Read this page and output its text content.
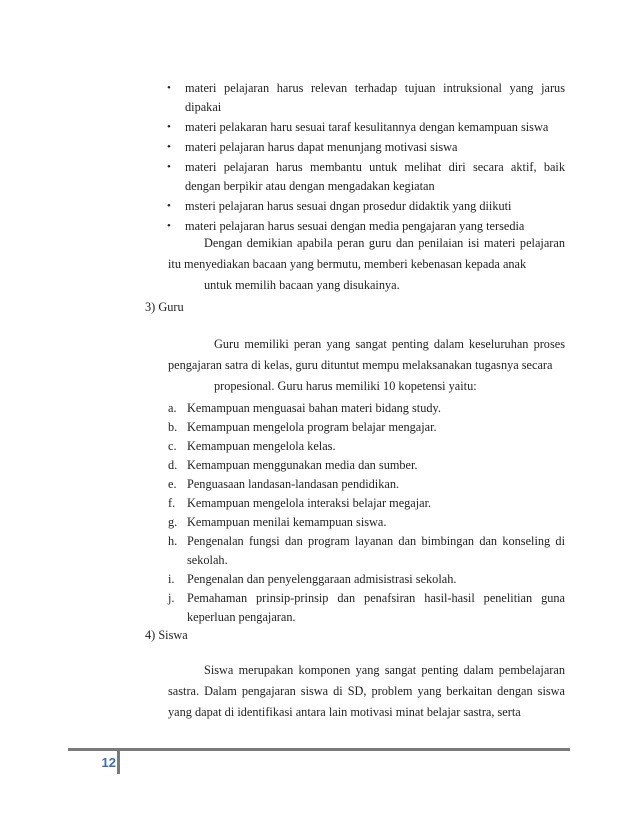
• materi pelajaran harus relevan terhadap tujuan intruksional yang jarus dipakai
• materi pelakaran haru sesuai taraf kesulitannya dengan kemampuan siswa
• materi pelajaran harus dapat menunjang motivasi siswa
• materi pelajaran harus membantu untuk melihat diri secara aktif, baik dengan berpikir atau dengan mengadakan kegiatan
• msteri pelajaran harus sesuai dngan prosedur didaktik yang diikuti
• materi pelajaran harus sesuai dengan media pengajaran yang tersedia

Dengan demikian apabila peran guru dan penilaian isi materi pelajaran itu menyediakan bacaan yang bermutu, memberi kebenasan kepada anak
untuk memilih bacaan yang disukainya.

3) Guru

Guru memiliki peran yang sangat penting dalam keseluruhan proses pengajaran satra di kelas, guru dituntut mempu melaksanakan tugasnya secara
propesional. Guru harus memiliki 10 kopetensi yaitu:

a. Kemampuan menguasai bahan materi bidang study.
b. Kemampuan mengelola program belajar mengajar.
c. Kemampuan mengelola kelas.
d. Kemampuan menggunakan media dan sumber.
e. Penguasaan landasan-landasan pendidikan.
f. Kemampuan mengelola interaksi belajar megajar.
g. Kemampuan menilai kemampuan siswa.
h. Pengenalan fungsi dan program layanan dan bimbingan dan konseling di sekolah.
i. Pengenalan dan penyelenggaraan admisistrasi sekolah.
j. Pemahaman prinsip-prinsip dan penafsiran hasil-hasil penelitian guna keperluan pengajaran.

4) Siswa

Siswa merupakan komponen yang sangat penting dalam pembelajaran sastra. Dalam pengajaran siswa di SD, problem yang berkaitan dengan siswa yang dapat di identifikasi antara lain motivasi minat belajar sastra, serta

12
